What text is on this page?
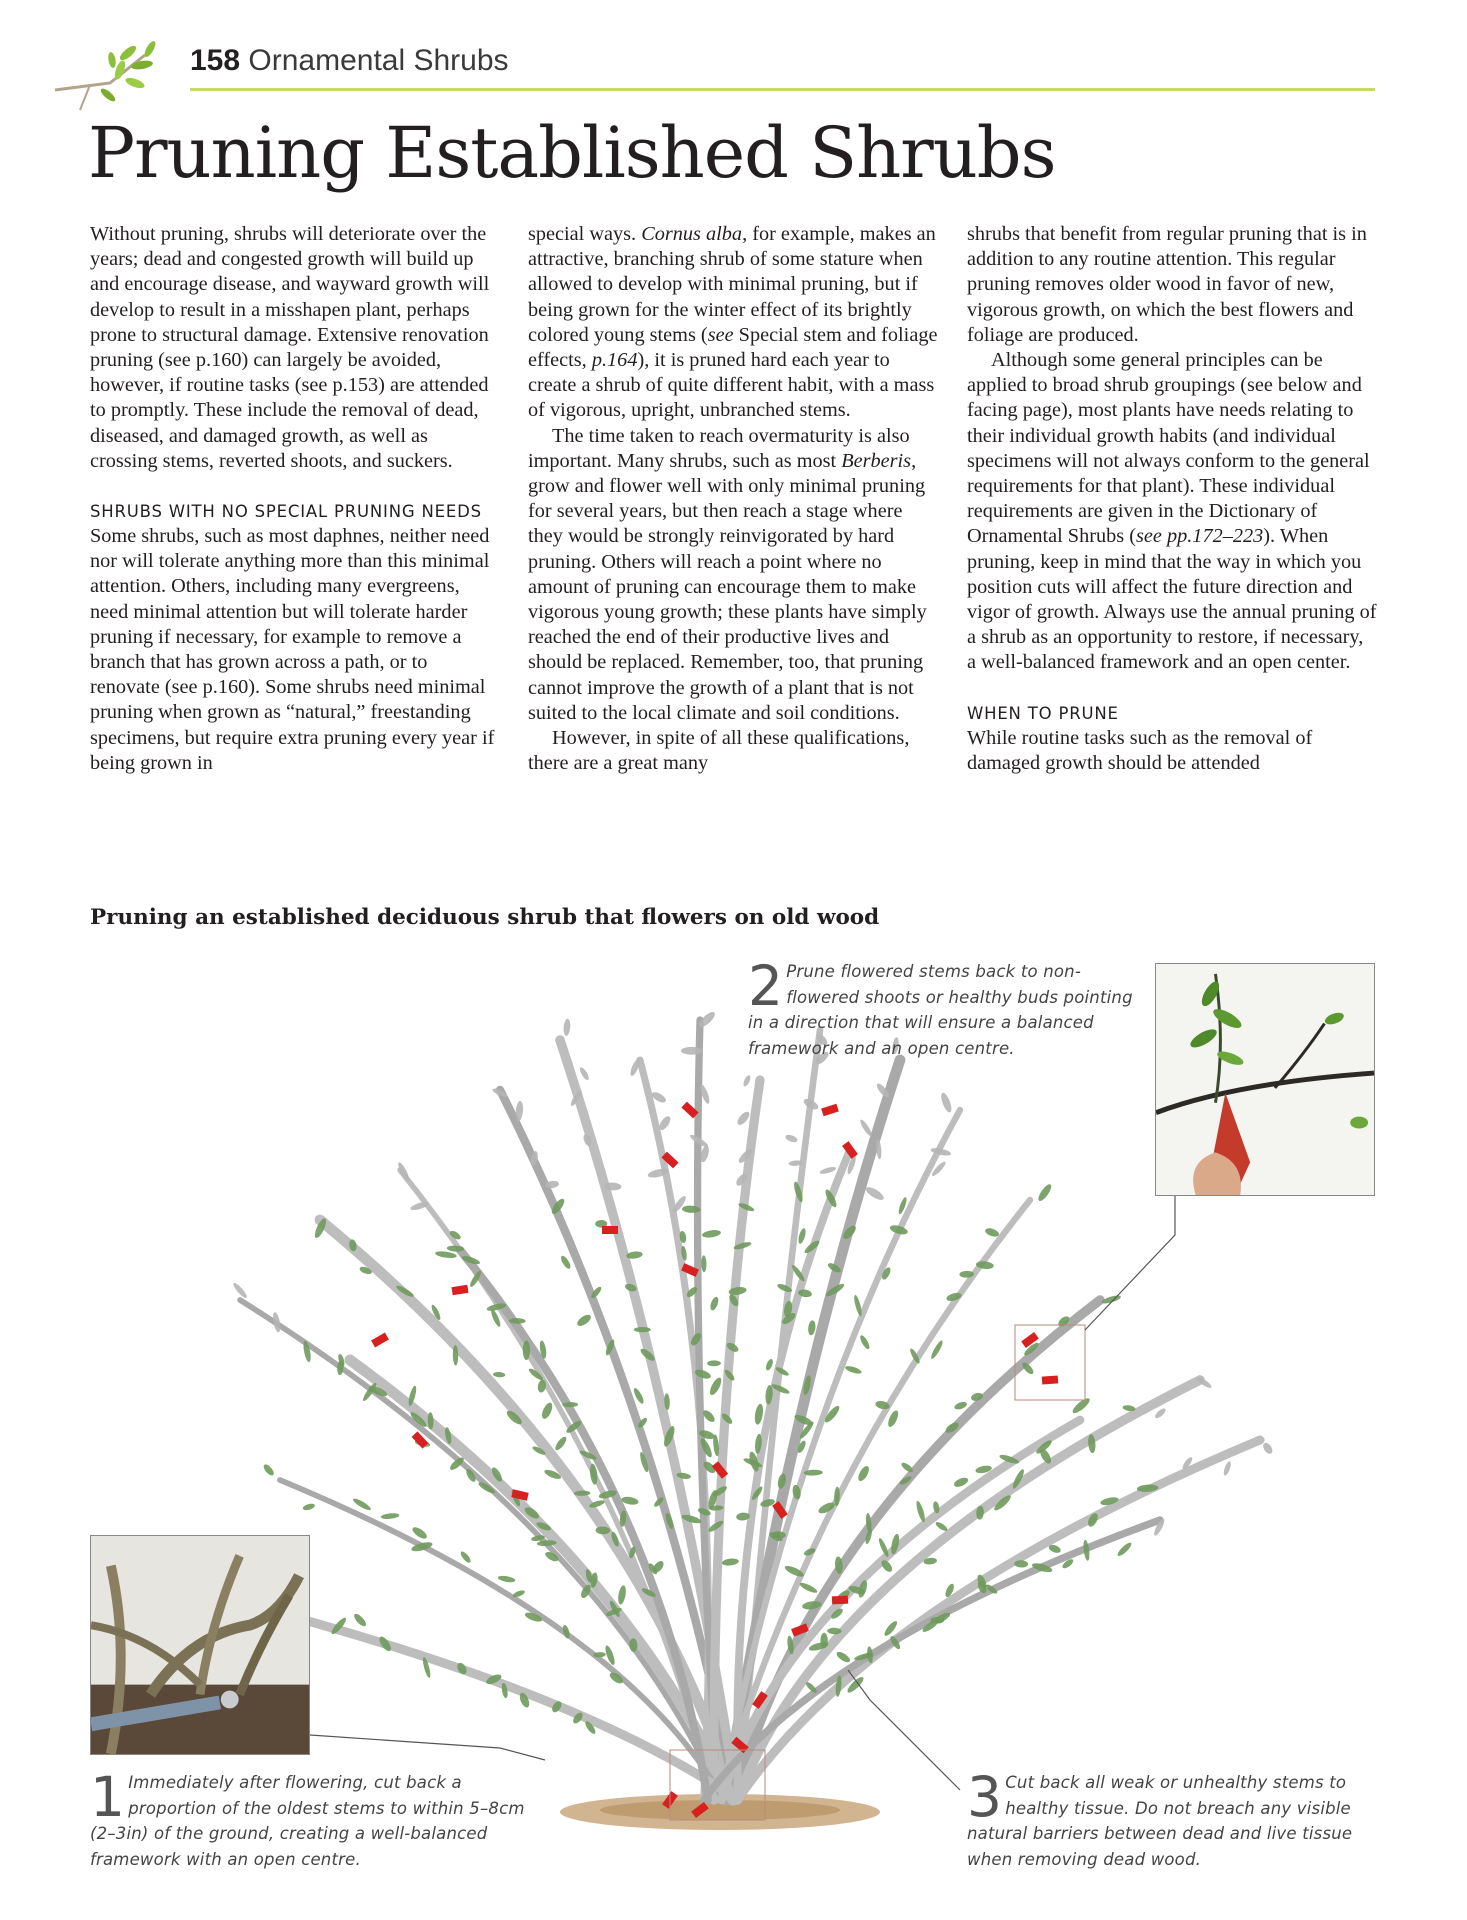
158 Ornamental Shrubs
Pruning Established Shrubs

Without pruning, shrubs will deteriorate over the years; dead and congested growth will build up and encourage disease, and wayward growth will develop to result in a misshapen plant, perhaps prone to structural damage. Extensive renovation pruning (see p.160) can largely be avoided, however, if routine tasks (see p.153) are attended to promptly. These include the removal of dead, diseased, and damaged growth, as well as crossing stems, reverted shoots, and suckers.

SHRUBS WITH NO SPECIAL PRUNING NEEDS

Some shrubs, such as most daphnes, neither need nor will tolerate anything more than this minimal attention. Others, including many evergreens, need minimal attention but will tolerate harder pruning if necessary, for example to remove a branch that has grown across a path, or to renovate (see p.160). Some shrubs need minimal pruning when grown as “natural,” freestanding specimens, but require extra pruning every year if being grown in

special ways. Cornus alba, for example, makes an attractive, branching shrub of some stature when allowed to develop with minimal pruning, but if being grown for the winter effect of its brightly colored young stems (see Special stem and foliage effects, p.164), it is pruned hard each year to create a shrub of quite different habit, with a mass of vigorous, upright, unbranched stems.

The time taken to reach overmaturity is also important. Many shrubs, such as most Berberis, grow and flower well with only minimal pruning for several years, but then reach a stage where they would be strongly reinvigorated by hard pruning. Others will reach a point where no amount of pruning can encourage them to make vigorous young growth; these plants have simply reached the end of their productive lives and should be replaced. Remember, too, that pruning cannot improve the growth of a plant that is not suited to the local climate and soil conditions.

However, in spite of all these qualifications, there are a great many

shrubs that benefit from regular pruning that is in addition to any routine attention. This regular pruning removes older wood in favor of new, vigorous growth, on which the best flowers and foliage are produced.

Although some general principles can be applied to broad shrub groupings (see below and facing page), most plants have needs relating to their individual growth habits (and individual specimens will not always conform to the general requirements for that plant). These individual requirements are given in the Dictionary of Ornamental Shrubs (see pp.172–223). When pruning, keep in mind that the way in which you position cuts will affect the future direction and vigor of growth. Always use the annual pruning of a shrub as an opportunity to restore, if necessary, a well-balanced framework and an open center.

WHEN TO PRUNE

While routine tasks such as the removal of damaged growth should be attended

Pruning an established deciduous shrub that flowers on old wood
2 Prune flowered stems back to non-flowered shoots or healthy buds pointing in a direction that will ensure a balanced framework and an open centre.
1 Immediately after flowering, cut back a proportion of the oldest stems to within 5–8cm (2–3in) of the ground, creating a well-balanced framework with an open centre.
3 Cut back all weak or unhealthy stems to healthy tissue. Do not breach any visible natural barriers between dead and live tissue when removing dead wood.
